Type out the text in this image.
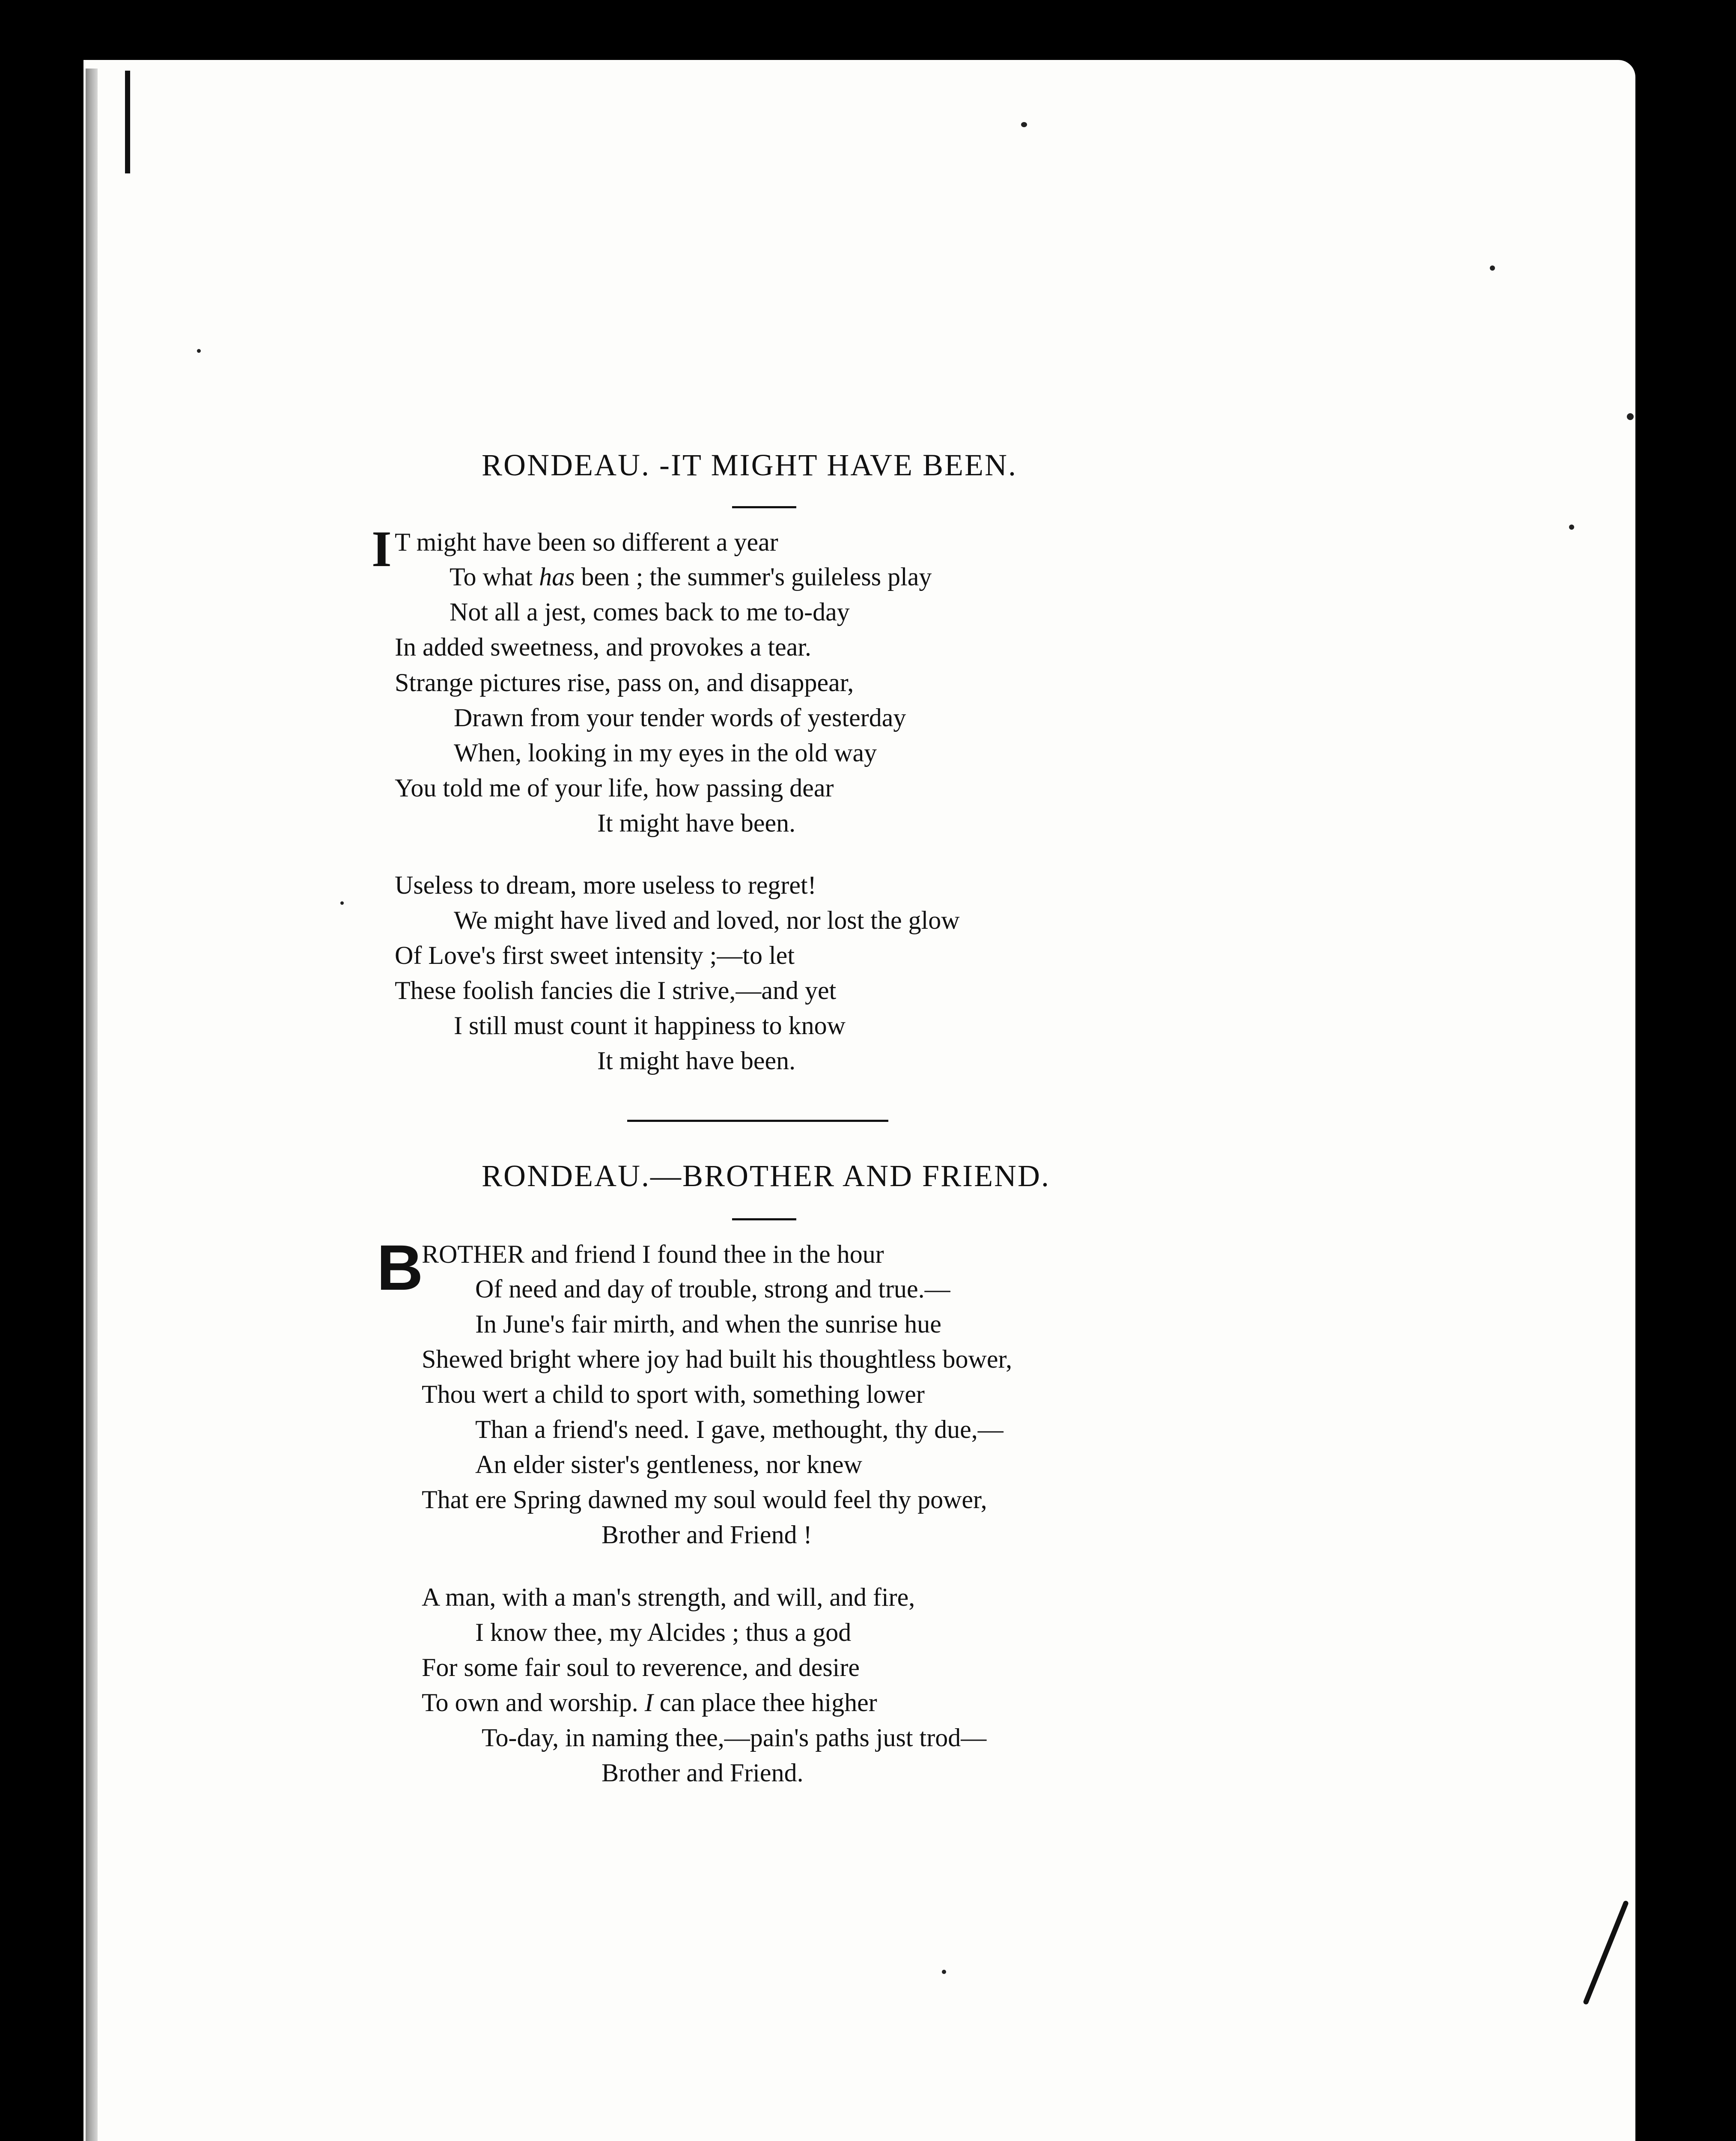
RONDEAU. -IT MIGHT HAVE BEEN.
I T might have been so different a year
To what has been ; the summer's guileless play
Not all a jest, comes back to me to-day
In added sweetness, and provokes a tear.
Strange pictures rise, pass on, and disappear,
Drawn from your tender words of yesterday
When, looking in my eyes in the old way
You told me of your life, how passing dear
It might have been.
Useless to dream, more useless to regret!
We might have lived and loved, nor lost the glow
Of Love's first sweet intensity ;—to let
These foolish fancies die I strive,—and yet
I still must count it happiness to know
It might have been.
RONDEAU.—BROTHER AND FRIEND.
B
ROTHER and friend I found thee in the hour
Of need and day of trouble, strong and true.—
In June's fair mirth, and when the sunrise hue
Shewed bright where joy had built his thoughtless bower,
Thou wert a child to sport with, something lower
Than a friend's need. I gave, methought, thy due,—
An elder sister's gentleness, nor knew
That ere Spring dawned my soul would feel thy power,
Brother and Friend !
A man, with a man's strength, and will, and fire,
I know thee, my Alcides ; thus a god
For some fair soul to reverence, and desire
To own and worship. I can place thee higher
To-day, in naming thee,—pain's paths just trod—
Brother and Friend.
